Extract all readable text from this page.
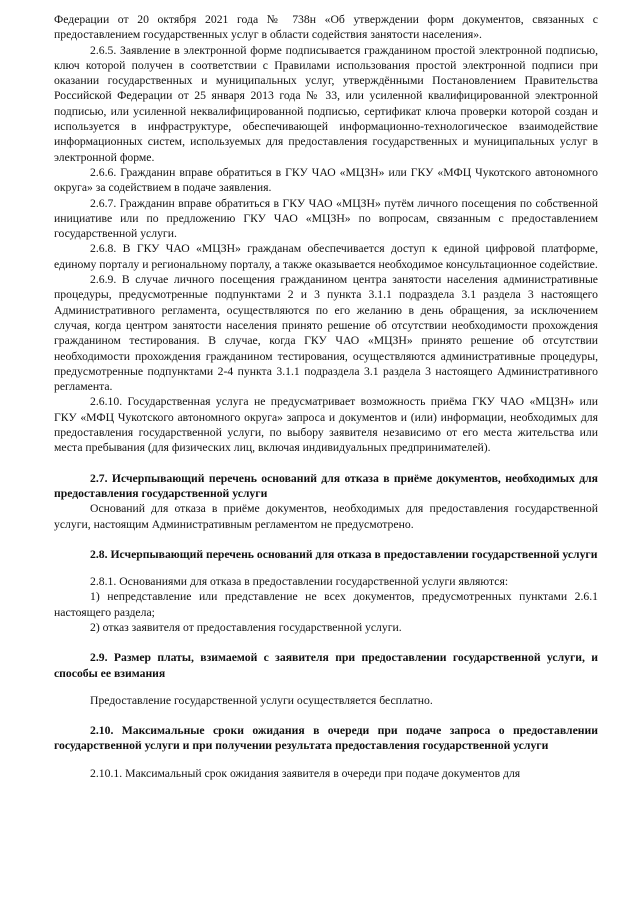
Федерации от 20 октября 2021 года № 738н «Об утверждении форм документов, связанных с предоставлением государственных услуг в области содействия занятости населения».

2.6.5. Заявление в электронной форме подписывается гражданином простой электронной подписью, ключ которой получен в соответствии с Правилами использования простой электронной подписи при оказании государственных и муниципальных услуг, утверждёнными Постановлением Правительства Российской Федерации от 25 января 2013 года № 33, или усиленной квалифицированной электронной подписью, или усиленной неквалифицированной подписью, сертификат ключа проверки которой создан и используется в инфраструктуре, обеспечивающей информационно-технологическое взаимодействие информационных систем, используемых для предоставления государственных и муниципальных услуг в электронной форме.

2.6.6. Гражданин вправе обратиться в ГКУ ЧАО «МЦЗН» или ГКУ «МФЦ Чукотского автономного округа» за содействием в подаче заявления.

2.6.7. Гражданин вправе обратиться в ГКУ ЧАО «МЦЗН» путём личного посещения по собственной инициативе или по предложению ГКУ ЧАО «МЦЗН» по вопросам, связанным с предоставлением государственной услуги.

2.6.8. В ГКУ ЧАО «МЦЗН» гражданам обеспечивается доступ к единой цифровой платформе, единому порталу и региональному порталу, а также оказывается необходимое консультационное содействие.

2.6.9. В случае личного посещения гражданином центра занятости населения административные процедуры, предусмотренные подпунктами 2 и 3 пункта 3.1.1 подраздела 3.1 раздела 3 настоящего Административного регламента, осуществляются по его желанию в день обращения, за исключением случая, когда центром занятости населения принято решение об отсутствии необходимости прохождения гражданином тестирования. В случае, когда ГКУ ЧАО «МЦЗН» принято решение об отсутствии необходимости прохождения гражданином тестирования, осуществляются административные процедуры, предусмотренные подпунктами 2-4 пункта 3.1.1 подраздела 3.1 раздела 3 настоящего Административного регламента.

2.6.10. Государственная услуга не предусматривает возможность приёма ГКУ ЧАО «МЦЗН» или ГКУ «МФЦ Чукотского автономного округа» запроса и документов и (или) информации, необходимых для предоставления государственной услуги, по выбору заявителя независимо от его места жительства или места пребывания (для физических лиц, включая индивидуальных предпринимателей).

2.7. Исчерпывающий перечень оснований для отказа в приёме документов, необходимых для предоставления государственной услуги

Оснований для отказа в приёме документов, необходимых для предоставления государственной услуги, настоящим Административным регламентом не предусмотрено.

2.8. Исчерпывающий перечень оснований для отказа в предоставлении государственной услуги

2.8.1. Основаниями для отказа в предоставлении государственной услуги являются:

1) непредставление или представление не всех документов, предусмотренных пунктами 2.6.1 настоящего раздела;

2) отказ заявителя от предоставления государственной услуги.

2.9. Размер платы, взимаемой с заявителя при предоставлении государственной услуги, и способы ее взимания

Предоставление государственной услуги осуществляется бесплатно.

2.10. Максимальные сроки ожидания в очереди при подаче запроса о предоставлении государственной услуги и при получении результата предоставления государственной услуги

2.10.1. Максимальный срок ожидания заявителя в очереди при подаче документов для
